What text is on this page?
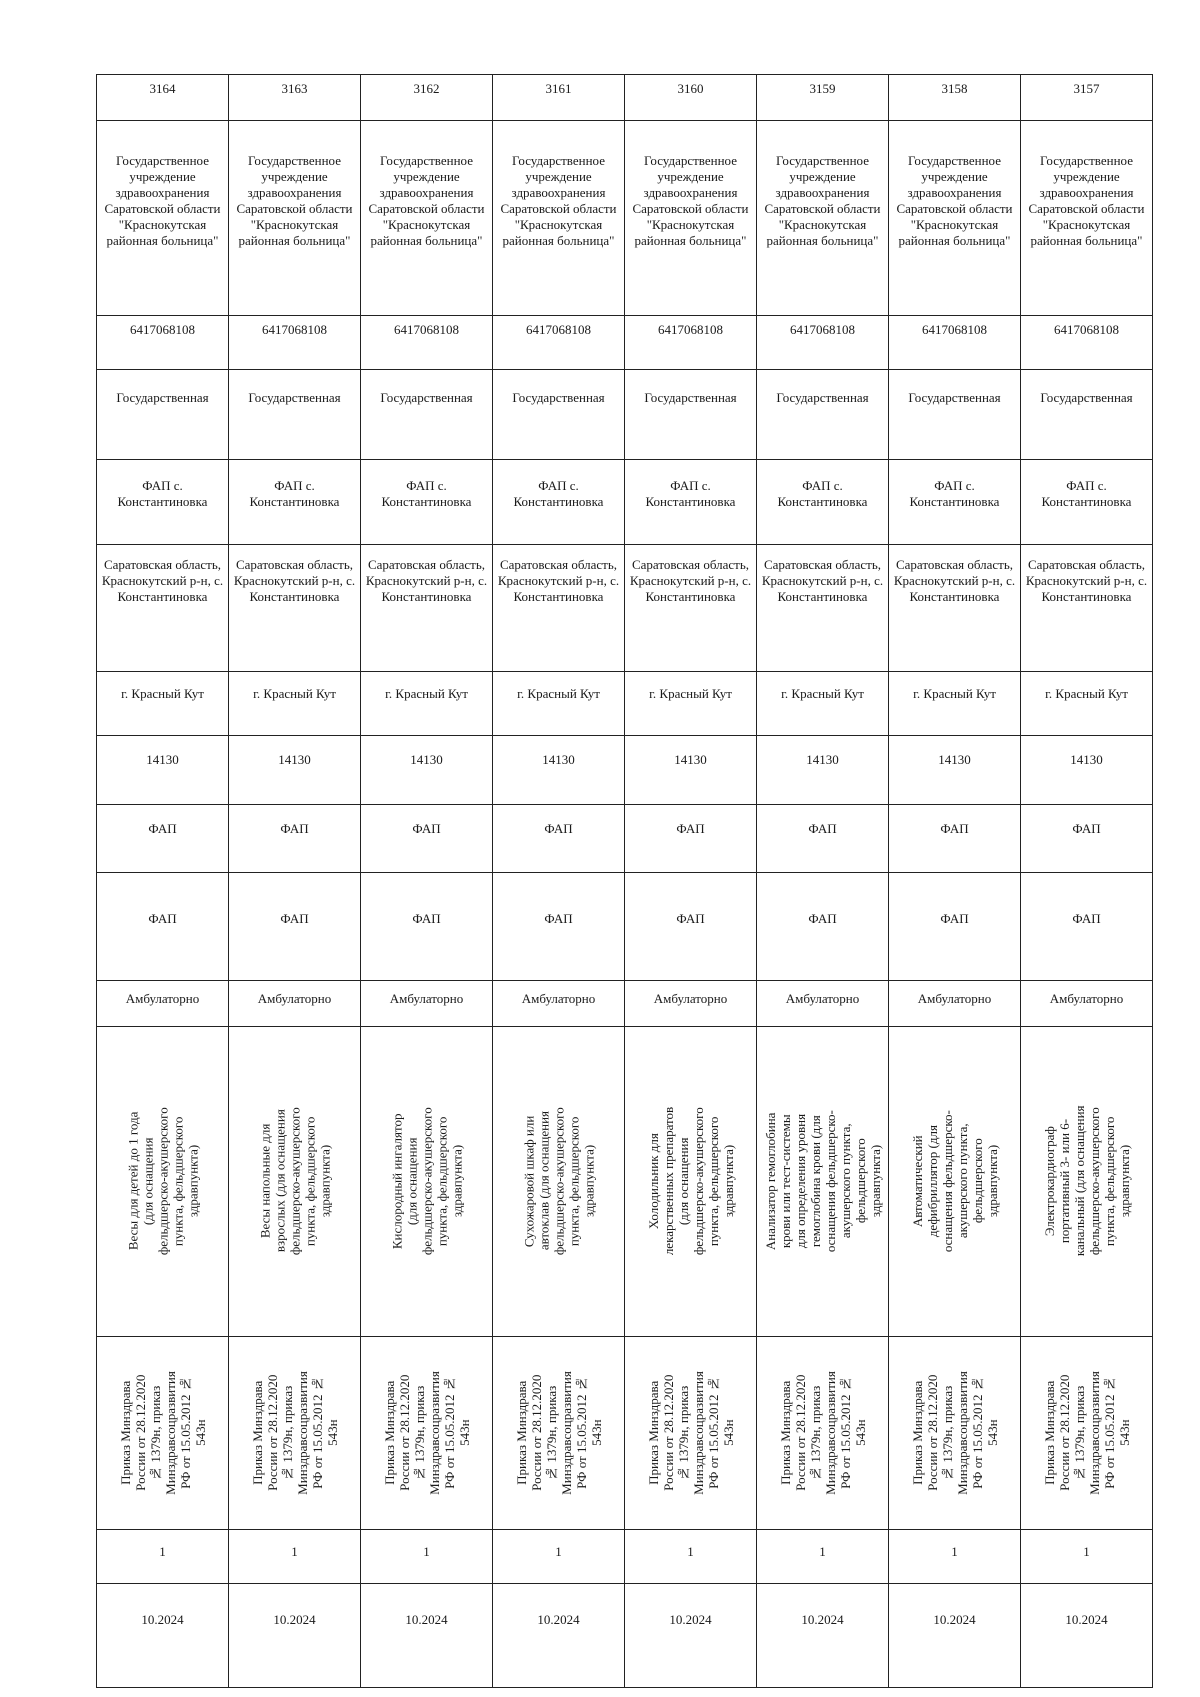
3164	3163	3162	3161	3160	3159	3158	3157
Государственное учреждение здравоохранения Саратовской области "Краснокутская районная больница"	Государственное учреждение здравоохранения Саратовской области "Краснокутская районная больница"	Государственное учреждение здравоохранения Саратовской области "Краснокутская районная больница"	Государственное учреждение здравоохранения Саратовской области "Краснокутская районная больница"	Государственное учреждение здравоохранения Саратовской области "Краснокутская районная больница"	Государственное учреждение здравоохранения Саратовской области "Краснокутская районная больница"	Государственное учреждение здравоохранения Саратовской области "Краснокутская районная больница"	Государственное учреждение здравоохранения Саратовской области "Краснокутская районная больница"
6417068108	6417068108	6417068108	6417068108	6417068108	6417068108	6417068108	6417068108
Государственная	Государственная	Государственная	Государственная	Государственная	Государственная	Государственная	Государственная
ФАП с. Константиновка	ФАП с. Константиновка	ФАП с. Константиновка	ФАП с. Константиновка	ФАП с. Константиновка	ФАП с. Константиновка	ФАП с. Константиновка	ФАП с. Константиновка
Саратовская область, Краснокутский р-н, с. Константиновка	Саратовская область, Краснокутский р-н, с. Константиновка	Саратовская область, Краснокутский р-н, с. Константиновка	Саратовская область, Краснокутский р-н, с. Константиновка	Саратовская область, Краснокутский р-н, с. Константиновка	Саратовская область, Краснокутский р-н, с. Константиновка	Саратовская область, Краснокутский р-н, с. Константиновка	Саратовская область, Краснокутский р-н, с. Константиновка
г. Красный Кут	г. Красный Кут	г. Красный Кут	г. Красный Кут	г. Красный Кут	г. Красный Кут	г. Красный Кут	г. Красный Кут
14130	14130	14130	14130	14130	14130	14130	14130
ФАП	ФАП	ФАП	ФАП	ФАП	ФАП	ФАП	ФАП
ФАП	ФАП	ФАП	ФАП	ФАП	ФАП	ФАП	ФАП
Амбулаторно	Амбулаторно	Амбулаторно	Амбулаторно	Амбулаторно	Амбулаторно	Амбулаторно	Амбулаторно

Весы для детей до 1 года (для оснащения фельдшерско-акушерского пункта, фельдшерского здравпункта)	Весы напольные для взрослых (для оснащения фельдшерско-акушерского пункта, фельдшерского здравпункта)	Кислородный ингалятор (для оснащения фельдшерско-акушерского пункта, фельдшерского здравпункта)	Сухожаровой шкаф или автоклав (для оснащения фельдшерско-акушерского пункта, фельдшерского здравпункта)	Холодильник для лекарственных препаратов (для оснащения фельдшерско-акушерского пункта, фельдшерского здравпункта)	Анализатор гемоглобина крови или тест-системы для определения уровня гемоглобина крови (для оснащения фельдшерско-акушерского пункта, фельдшерского здравпункта)	Автоматический дефибриллятор (для оснащения фельдшерско-акушерского пункта, фельдшерского здравпункта)	Электрокардиограф портативный 3- или 6-канальный (для оснащения фельдшерско-акушерского пункта, фельдшерского здравпункта)

Приказ Минздрава России от 28.12.2020 № 1379н, приказ Минздравсоцразвития РФ от 15.05.2012 № 543н	Приказ Минздрава России от 28.12.2020 № 1379н, приказ Минздравсоцразвития РФ от 15.05.2012 № 543н	Приказ Минздрава России от 28.12.2020 № 1379н, приказ Минздравсоцразвития РФ от 15.05.2012 № 543н	Приказ Минздрава России от 28.12.2020 № 1379н, приказ Минздравсоцразвития РФ от 15.05.2012 № 543н	Приказ Минздрава России от 28.12.2020 № 1379н, приказ Минздравсоцразвития РФ от 15.05.2012 № 543н	Приказ Минздрава России от 28.12.2020 № 1379н, приказ Минздравсоцразвития РФ от 15.05.2012 № 543н	Приказ Минздрава России от 28.12.2020 № 1379н, приказ Минздравсоцразвития РФ от 15.05.2012 № 543н	Приказ Минздрава России от 28.12.2020 № 1379н, приказ Минздравсоцразвития РФ от 15.05.2012 № 543н

1	1	1	1	1	1	1	1
10.2024	10.2024	10.2024	10.2024	10.2024	10.2024	10.2024	10.2024
